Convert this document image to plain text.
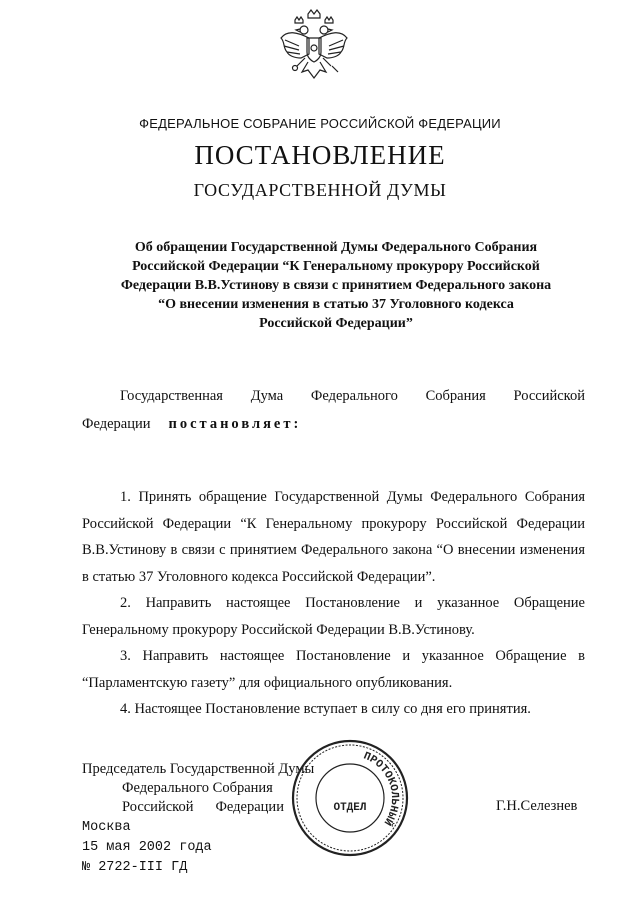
ФЕДЕРАЛЬНОЕ СОБРАНИЕ РОССИЙСКОЙ ФЕДЕРАЦИИ
ПОСТАНОВЛЕНИЕ
ГОСУДАРСТВЕННОЙ ДУМЫ
Об обращении Государственной Думы Федерального Собрания
Российской Федерации “К Генеральному прокурору Российской
Федерации В.В.Устинову в связи с принятием Федерального закона
“О внесении изменения в статью 37 Уголовного кодекса
Российской Федерации”
Государственная Дума Федерального Собрания Российской
Федерации постановляет:

1. Принять обращение Государственной Думы Федерального Собрания Российской Федерации “К Генеральному прокурору Российской Федерации В.В.Устинову в связи с принятием Федерального закона “О внесении изменения в статью 37 Уголовного кодекса Российской Федерации”.

2. Направить настоящее Постановление и указанное Обращение Генеральному прокурору Российской Федерации В.В.Устинову.

3. Направить настоящее Постановление и указанное Обращение в “Парламентскую газету” для официального опубликования.

4. Настоящее Постановление вступает в силу со дня его принятия.

Председатель Государственной Думы
Федерального Собрания
Российской Федерации	Г.Н.Селезнев
Москва
15 мая 2002 года
№ 2722-III ГД
ПРОТОКОЛЬНЫЙ
ОТДЕЛ
